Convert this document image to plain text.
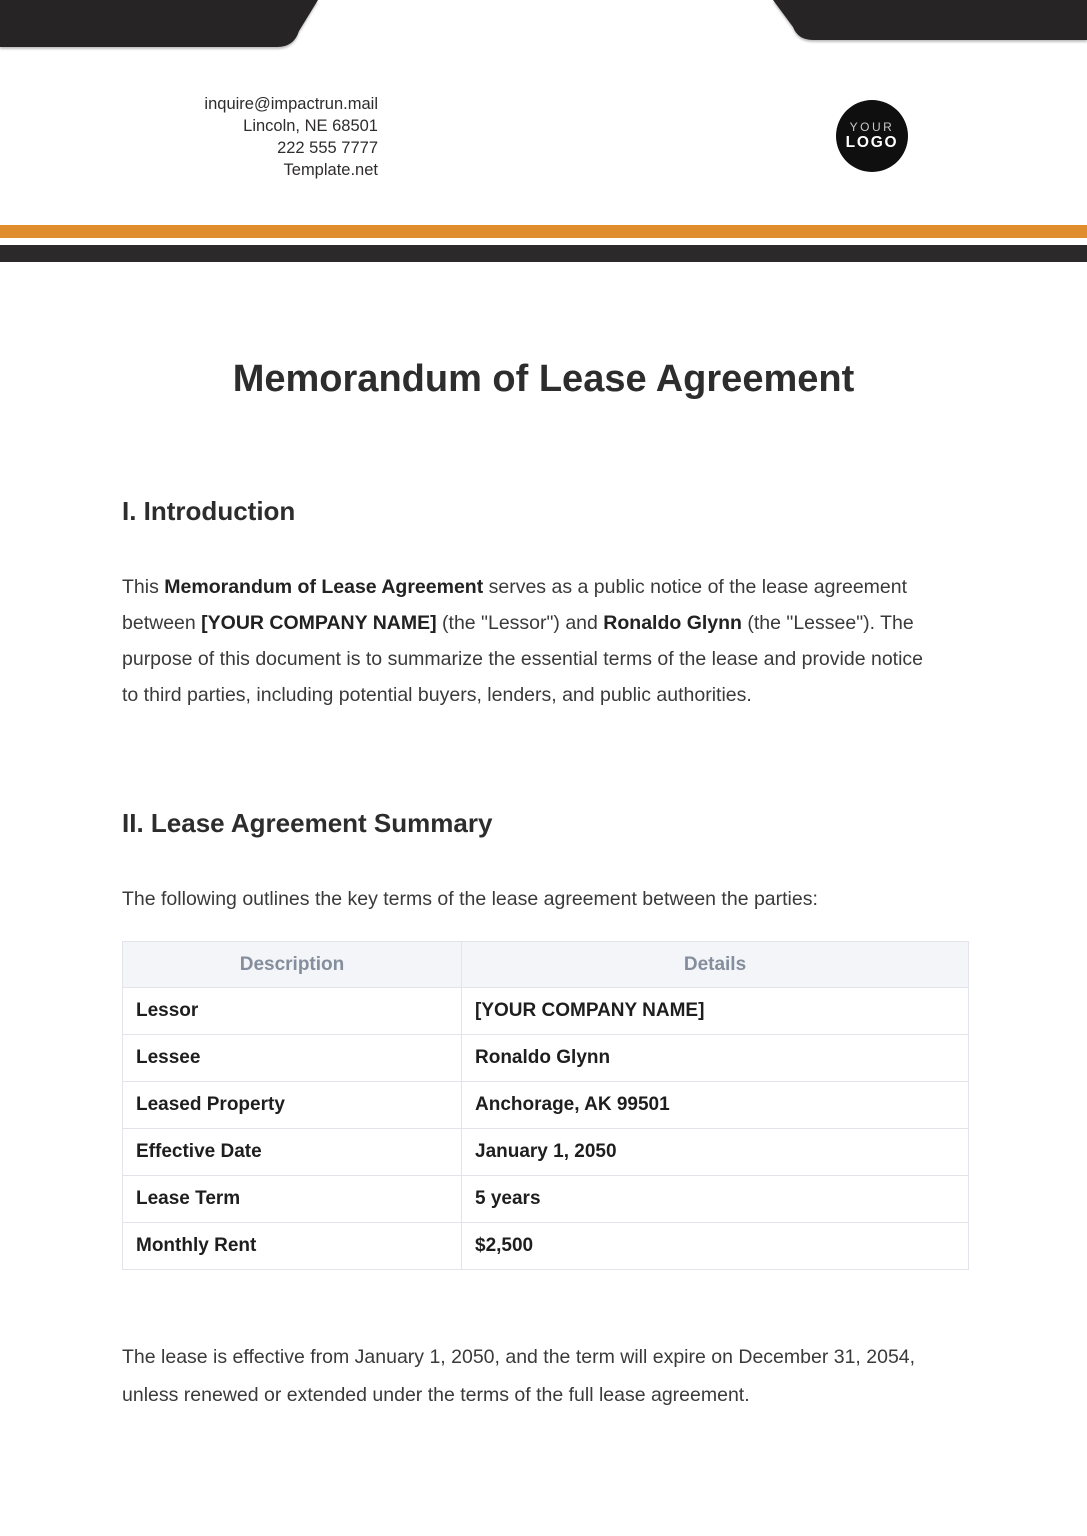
inquire@impactrun.mail
Lincoln, NE 68501
222 555 7777
Template.net
YOUR
LOGO
Memorandum of Lease Agreement
I. Introduction

This Memorandum of Lease Agreement serves as a public notice of the lease agreement between [YOUR COMPANY NAME] (the "Lessor") and Ronaldo Glynn (the "Lessee"). The purpose of this document is to summarize the essential terms of the lease and provide notice to third parties, including potential buyers, lenders, and public authorities.

II. Lease Agreement Summary

The following outlines the key terms of the lease agreement between the parties:

Description	Details
Lessor	[YOUR COMPANY NAME]
Lessee	Ronaldo Glynn
Leased Property	Anchorage, AK 99501
Effective Date	January 1, 2050
Lease Term	5 years
Monthly Rent	$2,500

The lease is effective from January 1, 2050, and the term will expire on December 31, 2054, unless renewed or extended under the terms of the full lease agreement.
